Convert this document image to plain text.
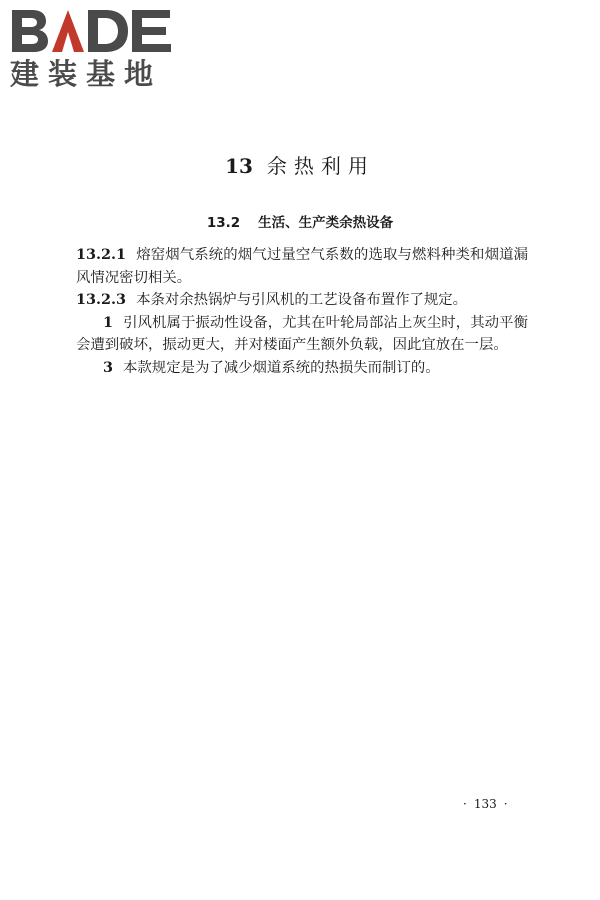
建装基地
13 余热利用
13.2 生活、生产类余热设备

13.2.1 熔窑烟气系统的烟气过量空气系数的选取与燃料种类和烟道漏风情况密切相关。

13.2.3 本条对余热锅炉与引风机的工艺设备布置作了规定。

1 引风机属于振动性设备，尤其在叶轮局部沾上灰尘时，其动平衡会遭到破坏，振动更大，并对楼面产生额外负载，因此宜放在一层。

3 本款规定是为了减少烟道系统的热损失而制订的。

· 133 ·
